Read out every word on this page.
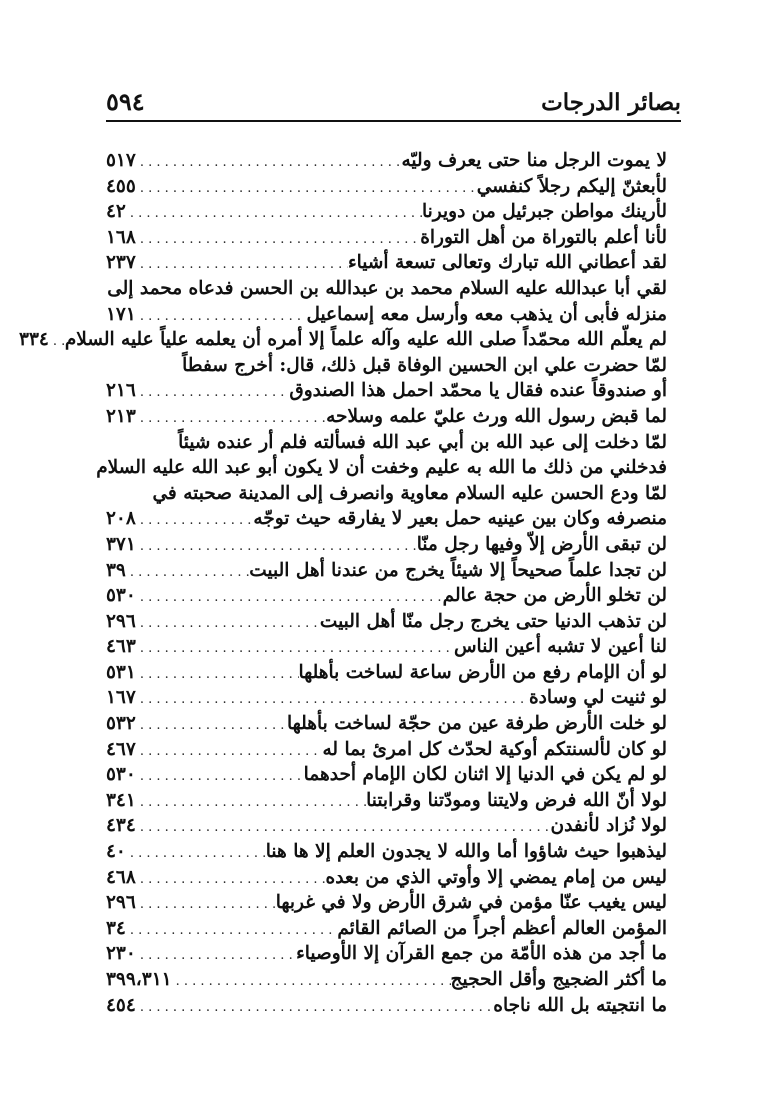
٥٩٤	بصائر الدرجات
لا يموت الرجل منا حتى يعرف وليّه
. . .
٥١٧
لأبعثنّ إليكم رجلاً كنفسي
. . .
٤٥٥
لأرينك مواطن جبرئيل من دويرنا
. . .
٤٢
لأنا أعلم بالتوراة من أهل التوراة
. . .
١٦٨
لقد أعطاني الله تبارك وتعالى تسعة أشياء
. . .
٢٣٧
لقي أبا عبدالله عليه السلام محمد بن عبدالله بن الحسن فدعاه محمد إلى
منزله فأبى أن يذهب معه وأرسل معه إسماعيل
. . .
١٧١
لم يعلّم الله محمّداً صلى الله عليه وآله علماً إلا أمره أن يعلمه علياً عليه السلام
. . .
٣٣٤
لمّا حضرت علي ابن الحسين الوفاة قبل ذلك، قال: أخرج سفطاً
أو صندوقاً عنده فقال يا محمّد احمل هذا الصندوق
. . .
٢١٦
لما قبض رسول الله ورث عليّ علمه وسلاحه
. . .
٢١٣
لمّا دخلت إلى عبد الله بن أبي عبد الله فسألته فلم أر عنده شيئاً
فدخلني من ذلك ما الله به عليم وخفت أن لا يكون أبو عبد الله عليه السلام
لمّا ودع الحسن عليه السلام معاوية وانصرف إلى المدينة صحبته في
منصرفه وكان بين عينيه حمل بعير لا يفارقه حيث توجّه
. . .
٢٠٨
لن تبقى الأرض إلاّ وفيها رجل منّا
. . .
٣٧١
لن تجدا علماً صحيحاً إلا شيئاً يخرج من عندنا أهل البيت
. . .
٣٩
لن تخلو الأرض من حجة عالم
. . .
٥٣٠
لن تذهب الدنيا حتى يخرج رجل منّا أهل البيت
. . .
٢٩٦
لنا أعين لا تشبه أعين الناس
. . .
٤٦٣
لو أن الإمام رفع من الأرض ساعة لساخت بأهلها
. . .
٥٣١
لو ثنيت لي وسادة
. . .
١٦٧
لو خلت الأرض طرفة عين من حجّة لساخت بأهلها
. . .
٥٣٢
لو كان لألسنتكم أوكية لحدّث كل امرئ بما له
. . .
٤٦٧
لو لم يكن في الدنيا إلا اثنان لكان الإمام أحدهما
. . .
٥٣٠
لولا أنّ الله فرض ولايتنا ومودّتنا وقرابتنا
. . .
٣٤١
لولا نُزاد لأنفدن
. . .
٤٣٤
ليذهبوا حيث شاؤوا أما والله لا يجدون العلم إلا ها هنا
. . .
٤٠
ليس من إمام يمضي إلا وأوتي الذي من بعده
. . .
٤٦٨
ليس يغيب عنّا مؤمن في شرق الأرض ولا في غربها
. . .
٢٩٦
المؤمن العالم أعظم أجراً من الصائم القائم
. . .
٣٤
ما أجد من هذه الأمّة من جمع القرآن إلا الأوصياء
. . .
٢٣٠
ما أكثر الضجيج وأقل الحجيج
. . .
٣٩٩،٣١١
ما انتجيته بل الله ناجاه
. . .
٤٥٤
